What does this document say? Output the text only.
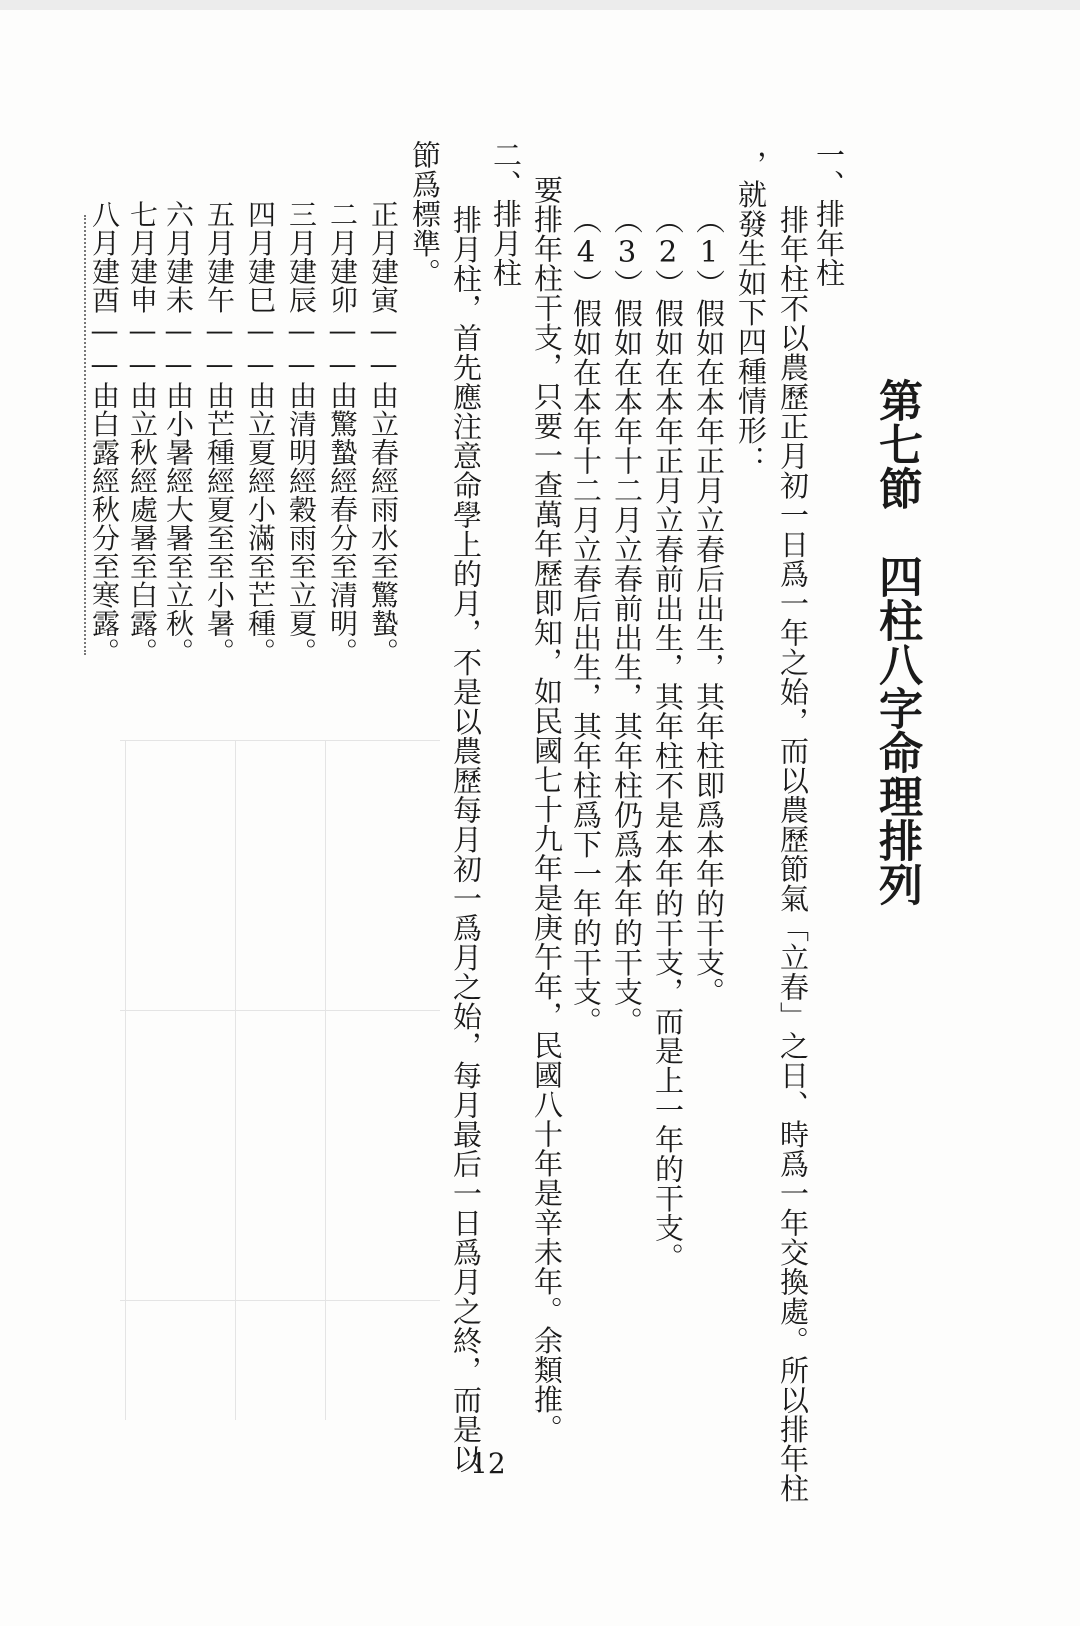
第七節　四柱八字命理排列
一、排年柱
排年柱不以農歷正月初一日爲一年之始，而以農歷節氣「立春」之日、時爲一年交換處。所以排年柱
，就發生如下四種情形：
（1）假如在本年正月立春后出生，其年柱即爲本年的干支。
（2）假如在本年正月立春前出生，其年柱不是本年的干支，而是上一年的干支。
（3）假如在本年十二月立春前出生，其年柱仍爲本年的干支。
（4）假如在本年十二月立春后出生，其年柱爲下一年的干支。
要排年柱干支，只要一查萬年歷即知，如民國七十九年是庚午年，民國八十年是辛未年。余類推。
二、排月柱
排月柱，首先應注意命學上的月，不是以農歷每月初一爲月之始，每月最后一日爲月之終，而是以
節爲標準。
正月建寅——由立春經雨水至驚蟄。
二月建卯——由驚蟄經春分至清明。
三月建辰——由清明經穀雨至立夏。
四月建巳——由立夏經小滿至芒種。
五月建午——由芒種經夏至至小暑。
六月建未——由小暑經大暑至立秋。
七月建申——由立秋經處暑至白露。
八月建酉——由白露經秋分至寒露。
12
